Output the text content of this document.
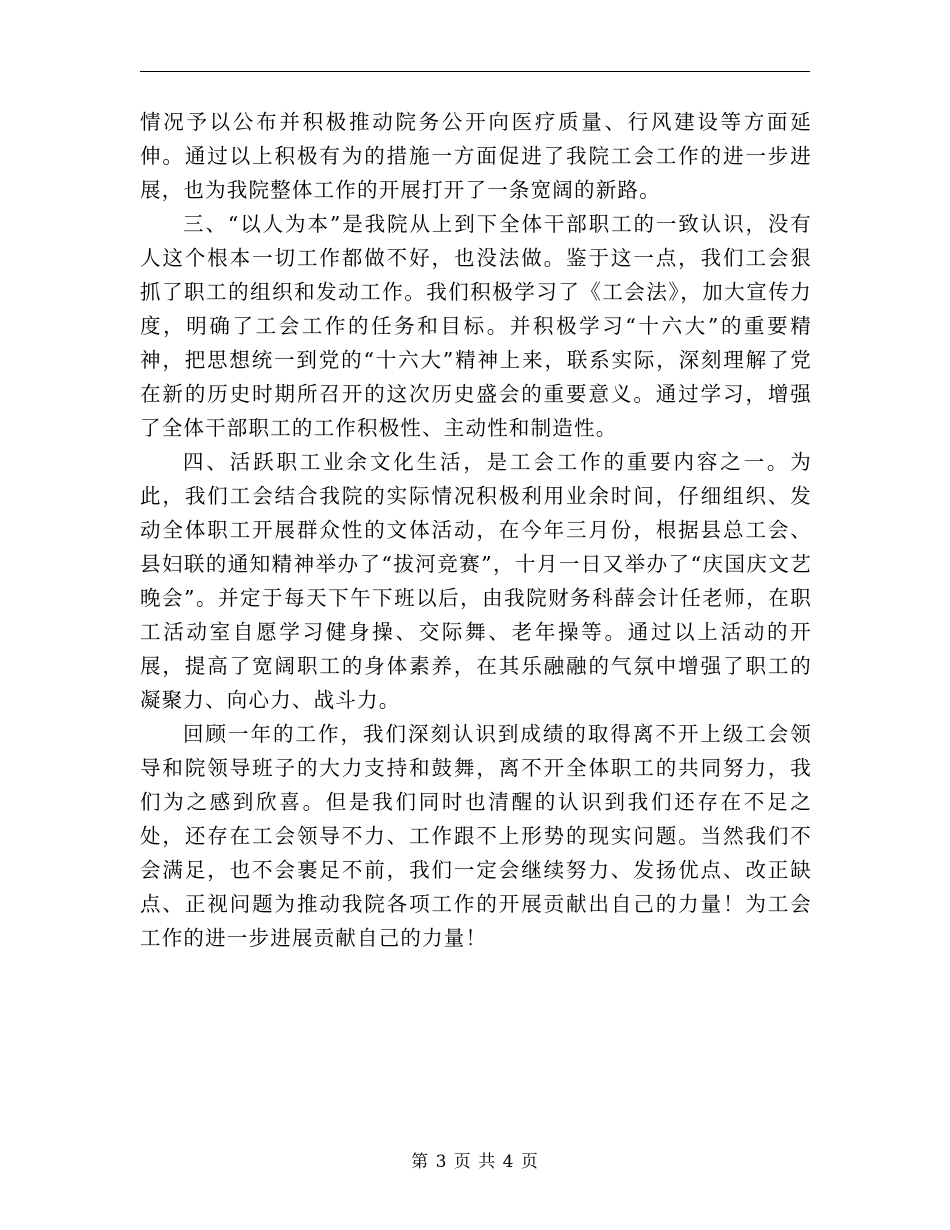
情况予以公布并积极推动院务公开向医疗质量、行风建设等方面延伸。通过以上积极有为的措施一方面促进了我院工会工作的进一步进展，也为我院整体工作的开展打开了一条宽阔的新路。

三、“以人为本”是我院从上到下全体干部职工的一致认识，没有人这个根本一切工作都做不好，也没法做。鉴于这一点，我们工会狠抓了职工的组织和发动工作。我们积极学习了《工会法》，加大宣传力度，明确了工会工作的任务和目标。并积极学习“十六大”的重要精神，把思想统一到党的“十六大”精神上来，联系实际，深刻理解了党在新的历史时期所召开的这次历史盛会的重要意义。通过学习，增强了全体干部职工的工作积极性、主动性和制造性。

四、活跃职工业余文化生活，是工会工作的重要内容之一。为此，我们工会结合我院的实际情况积极利用业余时间，仔细组织、发动全体职工开展群众性的文体活动，在今年三月份，根据县总工会、县妇联的通知精神举办了“拔河竞赛”，十月一日又举办了“庆国庆文艺晚会”。并定于每天下午下班以后，由我院财务科薛会计任老师，在职工活动室自愿学习健身操、交际舞、老年操等。通过以上活动的开展，提高了宽阔职工的身体素养，在其乐融融的气氛中增强了职工的凝聚力、向心力、战斗力。

回顾一年的工作，我们深刻认识到成绩的取得离不开上级工会领导和院领导班子的大力支持和鼓舞，离不开全体职工的共同努力，我们为之感到欣喜。但是我们同时也清醒的认识到我们还存在不足之处，还存在工会领导不力、工作跟不上形势的现实问题。当然我们不会满足，也不会裹足不前，我们一定会继续努力、发扬优点、改正缺点、正视问题为推动我院各项工作的开展贡献出自己的力量！为工会工作的进一步进展贡献自己的力量！

第 3 页 共 4 页
